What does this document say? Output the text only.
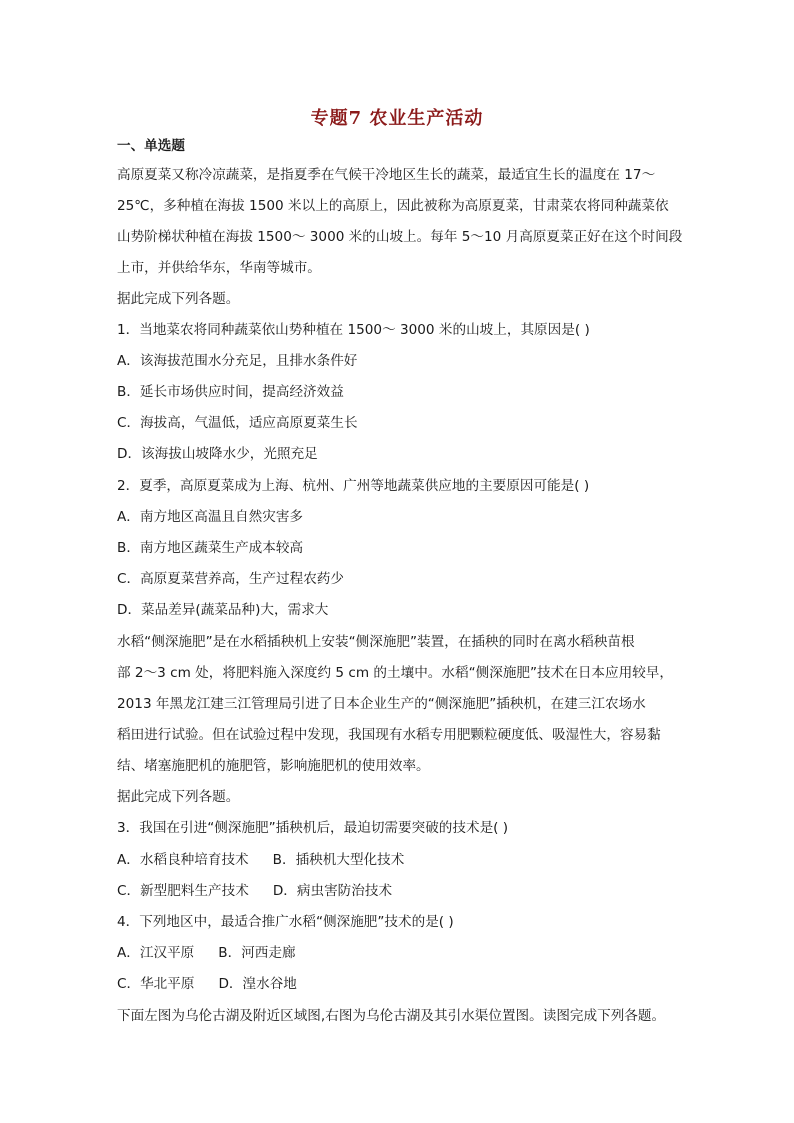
专题7 农业生产活动
一、单选题
高原夏菜又称冷凉蔬菜，是指夏季在气候干冷地区生长的蔬菜，最适宜生长的温度在 17～
25℃，多种植在海拔 1500 米以上的高原上，因此被称为高原夏菜，甘肃菜农将同种蔬菜依
山势阶梯状种植在海拔 1500～ 3000 米的山坡上。每年 5～10 月高原夏菜正好在这个时间段
上市，并供给华东，华南等城市。
据此完成下列各题。
1．当地菜农将同种蔬菜依山势种植在 1500～ 3000 米的山坡上，其原因是( )
A．该海拔范围水分充足，且排水条件好
B．延长市场供应时间，提高经济效益
C．海拔高，气温低，适应高原夏菜生长
D．该海拔山坡降水少，光照充足
2．夏季，高原夏菜成为上海、杭州、广州等地蔬菜供应地的主要原因可能是( )
A．南方地区高温且自然灾害多
B．南方地区蔬菜生产成本较高
C．高原夏菜营养高，生产过程农药少
D．菜品差异(蔬菜品种)大，需求大
水稻“侧深施肥”是在水稻插秧机上安装“侧深施肥”装置，在插秧的同时在离水稻秧苗根
部 2～3 cm 处，将肥料施入深度约 5 cm 的土壤中。水稻“侧深施肥”技术在日本应用较早，
2013 年黑龙江建三江管理局引进了日本企业生产的“侧深施肥”插秧机，在建三江农场水
稻田进行试验。但在试验过程中发现，我国现有水稻专用肥颗粒硬度低、吸湿性大，容易黏
结、堵塞施肥机的施肥管，影响施肥机的使用效率。
据此完成下列各题。
3．我国在引进“侧深施肥”插秧机后，最迫切需要突破的技术是( )
A．水稻良种培育技术 B．插秧机大型化技术
C．新型肥料生产技术 D．病虫害防治技术
4．下列地区中，最适合推广水稻“侧深施肥”技术的是( )
A．江汉平原 B．河西走廊
C．华北平原 D．湟水谷地
下面左图为乌伦古湖及附近区域图,右图为乌伦古湖及其引水渠位置图。读图完成下列各题。
